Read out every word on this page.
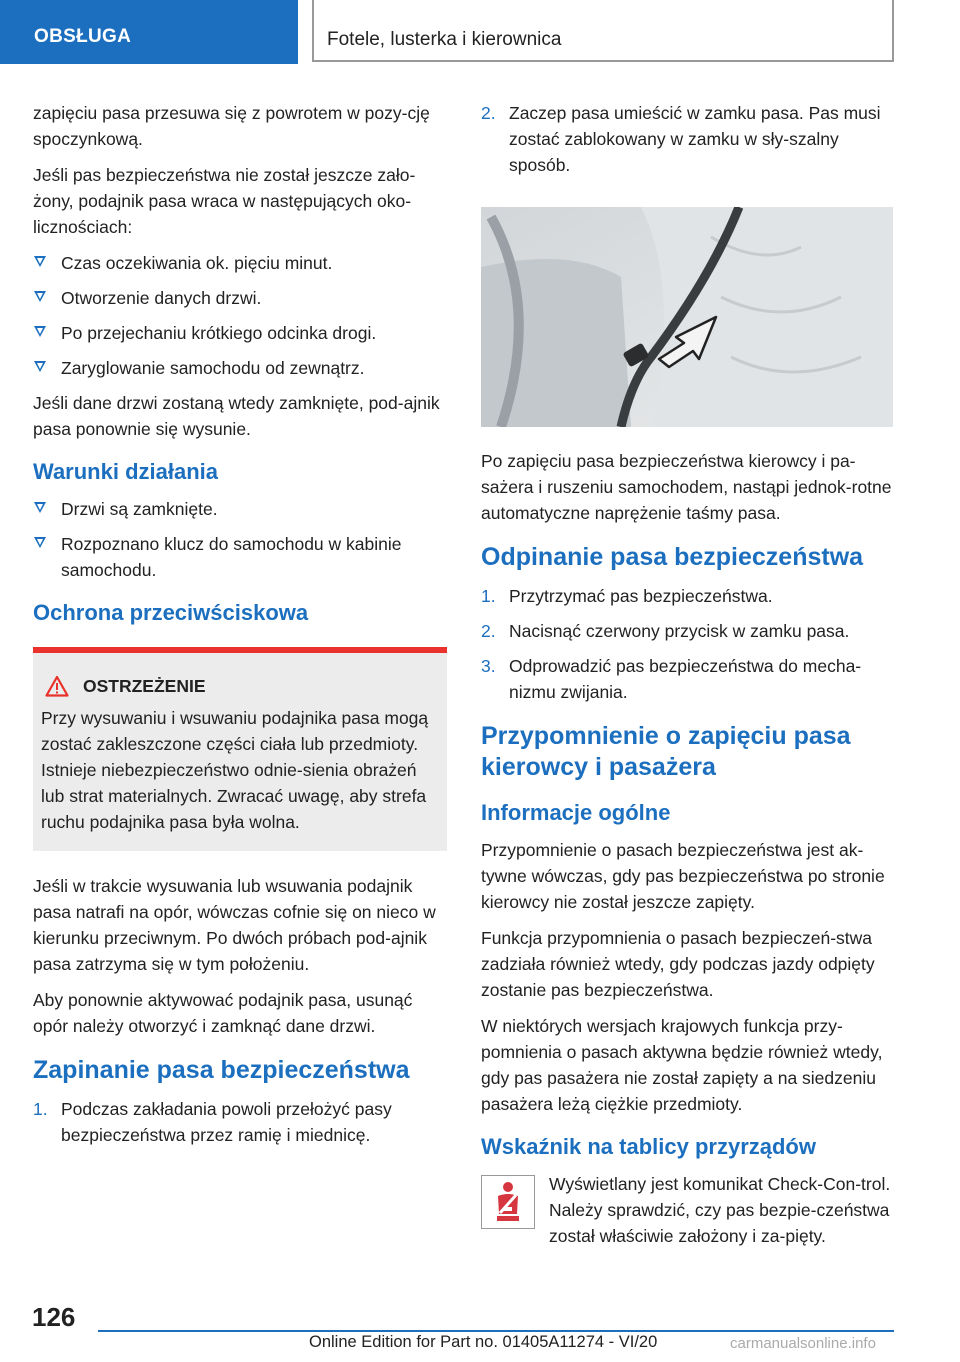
OBSŁUGA	Fotele, lusterka i kierownica

zapięciu pasa przesuwa się z powrotem w pozy-cję spoczynkową.

Jeśli pas bezpieczeństwa nie został jeszcze zało-żony, podajnik pasa wraca w następujących oko-licznościach:

Czas oczekiwania ok. pięciu minut.
Otworzenie danych drzwi.
Po przejechaniu krótkiego odcinka drogi.
Zaryglowanie samochodu od zewnątrz.

Jeśli dane drzwi zostaną wtedy zamknięte, pod-ajnik pasa ponownie się wysunie.

Warunki działania
Drzwi są zamknięte.
Rozpoznano klucz do samochodu w kabinie samochodu.
Ochrona przeciwściskowa
OSTRZEŻENIE

Przy wysuwaniu i wsuwaniu podajnika pasa mogą zostać zakleszczone części ciała lub przedmioty. Istnieje niebezpieczeństwo odnie-sienia obrażeń lub strat materialnych. Zwracać uwagę, aby strefa ruchu podajnika pasa była wolna.

Jeśli w trakcie wysuwania lub wsuwania podajnik pasa natrafi na opór, wówczas cofnie się on nieco w kierunku przeciwnym. Po dwóch próbach pod-ajnik pasa zatrzyma się w tym położeniu.

Aby ponownie aktywować podajnik pasa, usunąć opór należy otworzyć i zamknąć dane drzwi.

Zapinanie pasa bezpieczeństwa
1. Podczas zakładania powoli przełożyć pasy bezpieczeństwa przez ramię i miednicę.
2. Zaczep pasa umieścić w zamku pasa. Pas musi zostać zablokowany w zamku w sły-szalny sposób.

Po zapięciu pasa bezpieczeństwa kierowcy i pa-sażera i ruszeniu samochodem, nastąpi jednok-rotne automatyczne naprężenie taśmy pasa.

Odpinanie pasa bezpieczeństwa
1. Przytrzymać pas bezpieczeństwa.
2. Nacisnąć czerwony przycisk w zamku pasa.
3. Odprowadzić pas bezpieczeństwa do mecha-nizmu zwijania.
Przypomnienie o zapięciu pasa kierowcy i pasażera
Informacje ogólne

Przypomnienie o pasach bezpieczeństwa jest ak-tywne wówczas, gdy pas bezpieczeństwa po stronie kierowcy nie został jeszcze zapięty.

Funkcja przypomnienia o pasach bezpieczeń-stwa zadziała również wtedy, gdy podczas jazdy odpięty zostanie pas bezpieczeństwa.

W niektórych wersjach krajowych funkcja przy-pomnienia o pasach aktywna będzie również wtedy, gdy pas pasażera nie został zapięty a na siedzeniu pasażera leżą ciężkie przedmioty.

Wskaźnik na tablicy przyrządów

Wyświetlany jest komunikat Check-Con-trol. Należy sprawdzić, czy pas bezpie-czeństwa został właściwie założony i za-pięty.

126
Online Edition for Part no. 01405A11274 - VI/20	carmanualsonline.info
